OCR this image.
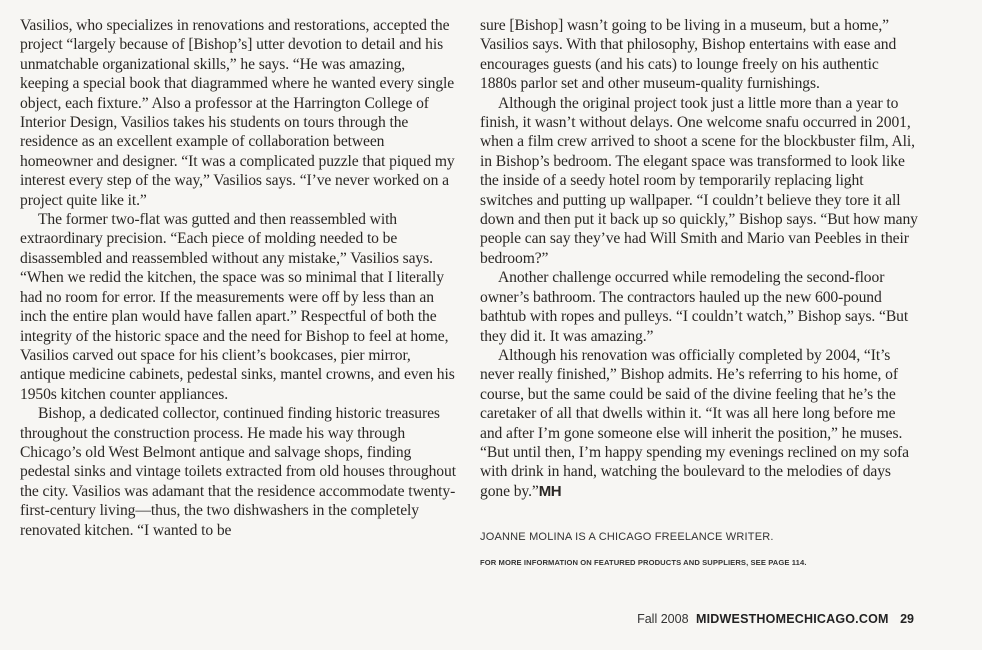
Vasilios, who specializes in renovations and restorations, accepted the project “largely because of [Bishop’s] utter devotion to detail and his unmatchable organizational skills,” he says. “He was amazing, keeping a special book that diagrammed where he wanted every single object, each fixture.” Also a professor at the Harrington College of Interior Design, Vasilios takes his students on tours through the residence as an excellent example of collaboration between homeowner and designer. “It was a complicated puzzle that piqued my interest every step of the way,” Vasilios says. “I’ve never worked on a project quite like it.”

The former two-flat was gutted and then reassembled with extraordinary precision. “Each piece of molding needed to be disassembled and reassembled without any mistake,” Vasilios says. “When we redid the kitchen, the space was so minimal that I literally had no room for error. If the measurements were off by less than an inch the entire plan would have fallen apart.” Respectful of both the integrity of the historic space and the need for Bishop to feel at home, Vasilios carved out space for his client’s bookcases, pier mirror, antique medicine cabinets, pedestal sinks, mantel crowns, and even his 1950s kitchen counter appliances.

Bishop, a dedicated collector, continued finding historic treasures throughout the construction process. He made his way through Chicago’s old West Belmont antique and salvage shops, finding pedestal sinks and vintage toilets extracted from old houses throughout the city. Vasilios was adamant that the residence accommodate twenty-first-century living—thus, the two dishwashers in the completely renovated kitchen. “I wanted to be

sure [Bishop] wasn’t going to be living in a museum, but a home,” Vasilios says. With that philosophy, Bishop entertains with ease and encourages guests (and his cats) to lounge freely on his authentic 1880s parlor set and other museum-quality furnishings.

Although the original project took just a little more than a year to finish, it wasn’t without delays. One welcome snafu occurred in 2001, when a film crew arrived to shoot a scene for the blockbuster film, Ali, in Bishop’s bedroom. The elegant space was transformed to look like the inside of a seedy hotel room by temporarily replacing light switches and putting up wallpaper. “I couldn’t believe they tore it all down and then put it back up so quickly,” Bishop says. “But how many people can say they’ve had Will Smith and Mario van Peebles in their bedroom?”

Another challenge occurred while remodeling the second-floor owner’s bathroom. The contractors hauled up the new 600-pound bathtub with ropes and pulleys. “I couldn’t watch,” Bishop says. “But they did it. It was amazing.”

Although his renovation was officially completed by 2004, “It’s never really finished,” Bishop admits. He’s referring to his home, of course, but the same could be said of the divine feeling that he’s the caretaker of all that dwells within it. “It was all here long before me and after I’m gone someone else will inherit the position,” he muses. “But until then, I’m happy spending my evenings reclined on my sofa with drink in hand, watching the boulevard to the melodies of days gone by.”MH

JOANNE MOLINA IS A CHICAGO FREELANCE WRITER.
FOR MORE INFORMATION ON FEATURED PRODUCTS AND SUPPLIERS, SEE PAGE 114.
Fall 2008 MIDWESTHOMECHICAGO.COM 29
